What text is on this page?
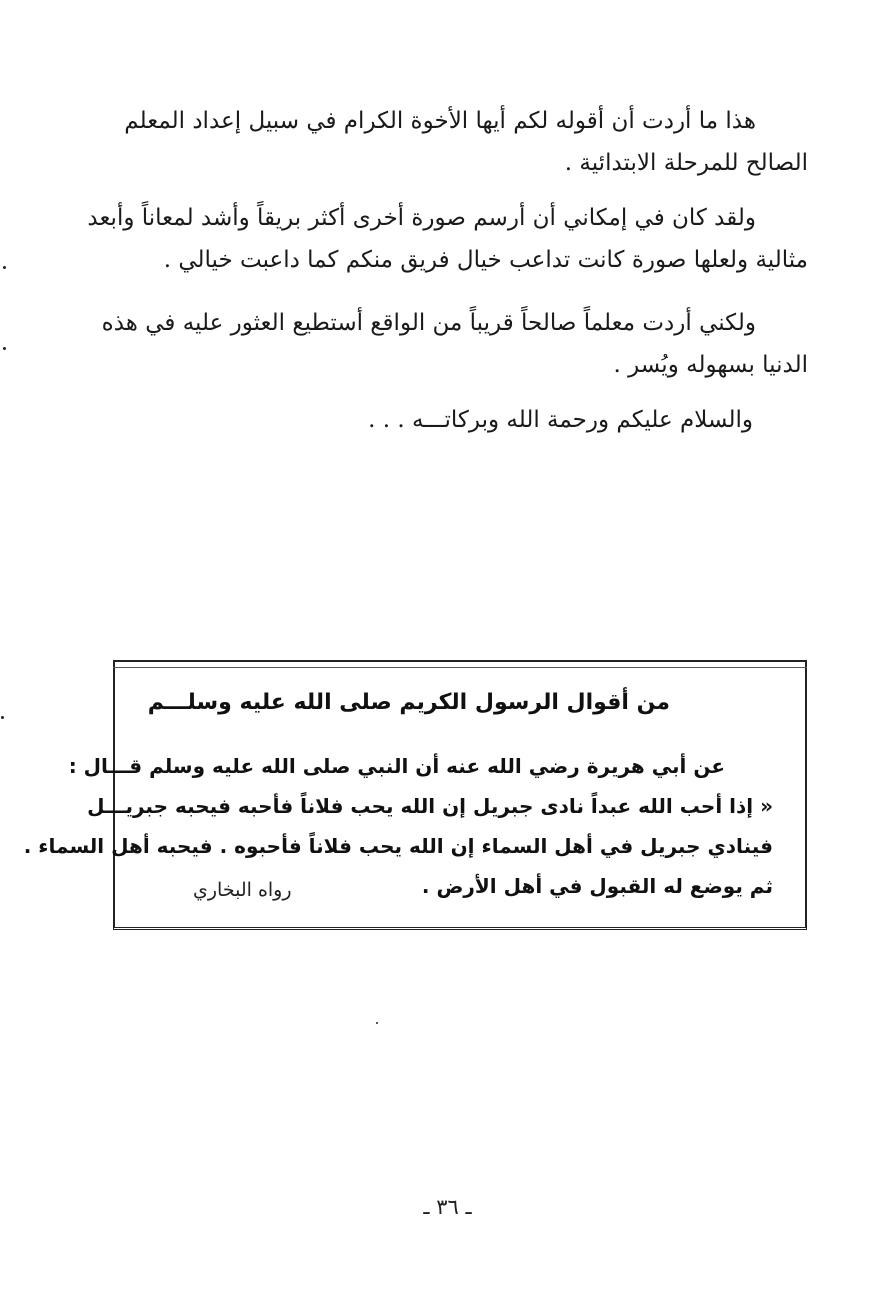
هذا ما أردت أن أقوله لكم أيها الأخوة الكرام في سبيل إعداد المعلم
الصالح للمرحلة الابتدائية .
ولقد كان في إمكاني أن أرسم صورة أخرى أكثر بريقاً وأشد لمعاناً وأبعد
مثالية ولعلها صورة كانت تداعب خيال فريق منكم كما داعبت خيالي .
ولكني أردت معلماً صالحاً قريباً من الواقع أستطيع العثور عليه في هذه
الدنيا بسهوله ويُسر .
والسلام عليكم ورحمة الله وبركاتـــه . . .
من أقوال الرسول الكريم صلى الله عليه وسلـــم
عن أبي هريرة رضي الله عنه أن النبي صلى الله عليه وسلم قـــال :
« إذا أحب الله عبداً نادى جبريل إن الله يحب فلاناً فأحبه فيحبه جبريـــل
فينادي جبريل في أهل السماء إن الله يحب فلاناً فأحبوه . فيحبه أهل السماء .
ثم يوضع له القبول في أهل الأرض .
رواه البخاري
ـ ٣٦ ـ
